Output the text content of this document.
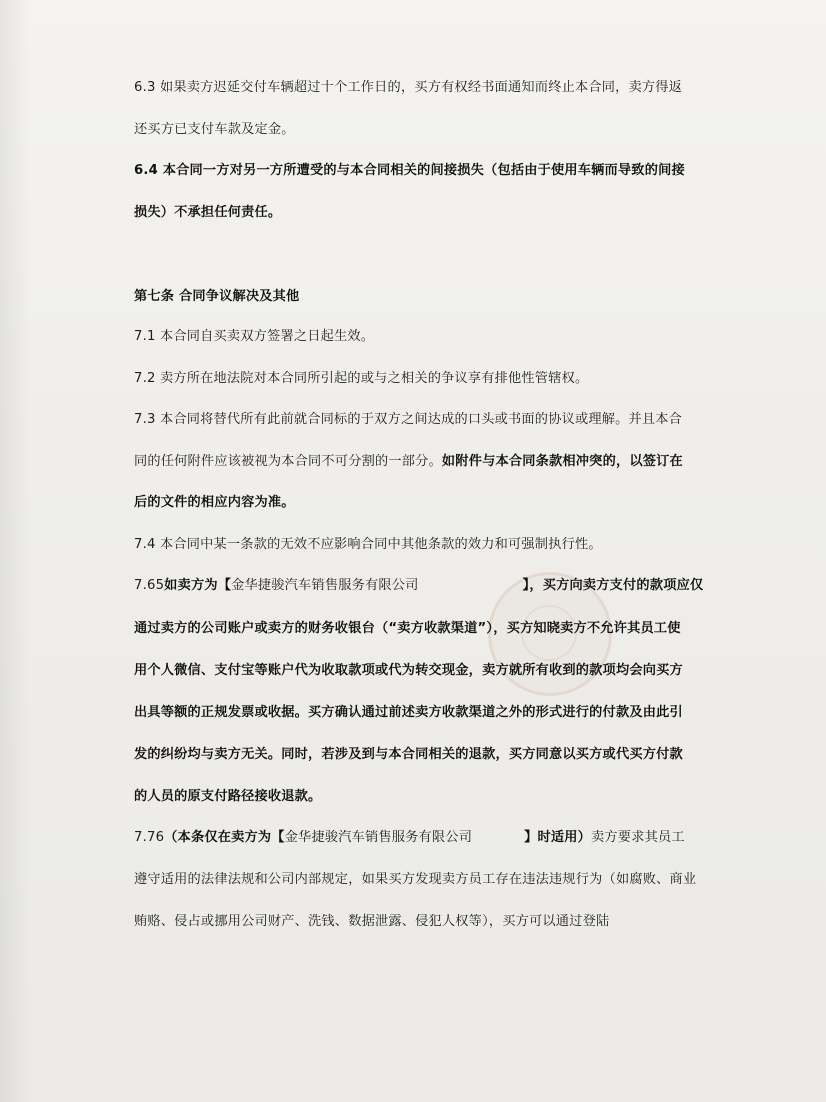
6.3 如果卖方迟延交付车辆超过十个工作日的，买方有权经书面通知而终止本合同，卖方得返
还买方已支付车款及定金。
6.4 本合同一方对另一方所遭受的与本合同相关的间接损失（包括由于使用车辆而导致的间接
损失）不承担任何责任。
第七条 合同争议解决及其他
7.1 本合同自买卖双方签署之日起生效。
7.2 卖方所在地法院对本合同所引起的或与之相关的争议享有排他性管辖权。
7.3 本合同将替代所有此前就合同标的于双方之间达成的口头或书面的协议或理解。并且本合
同的任何附件应该被视为本合同不可分割的一部分。如附件与本合同条款相冲突的，以签订在
后的文件的相应内容为准。
7.4 本合同中某一条款的无效不应影响合同中其他条款的效力和可强制执行性。
7.65如卖方为【金华捷骏汽车销售服务有限公司	】，买方向卖方支付的款项应仅
通过卖方的公司账户或卖方的财务收银台（“卖方收款渠道”），买方知晓卖方不允许其员工使
用个人微信、支付宝等账户代为收取款项或代为转交现金，卖方就所有收到的款项均会向买方
出具等额的正规发票或收据。买方确认通过前述卖方收款渠道之外的形式进行的付款及由此引
发的纠纷均与卖方无关。同时，若涉及到与本合同相关的退款，买方同意以买方或代买方付款
的人员的原支付路径接收退款。
7.76（本条仅在卖方为【金华捷骏汽车销售服务有限公司	】时适用）卖方要求其员工
遵守适用的法律法规和公司内部规定，如果买方发现卖方员工存在违法违规行为（如腐败、商业
贿赂、侵占或挪用公司财产、洗钱、数据泄露、侵犯人权等），买方可以通过登陆
